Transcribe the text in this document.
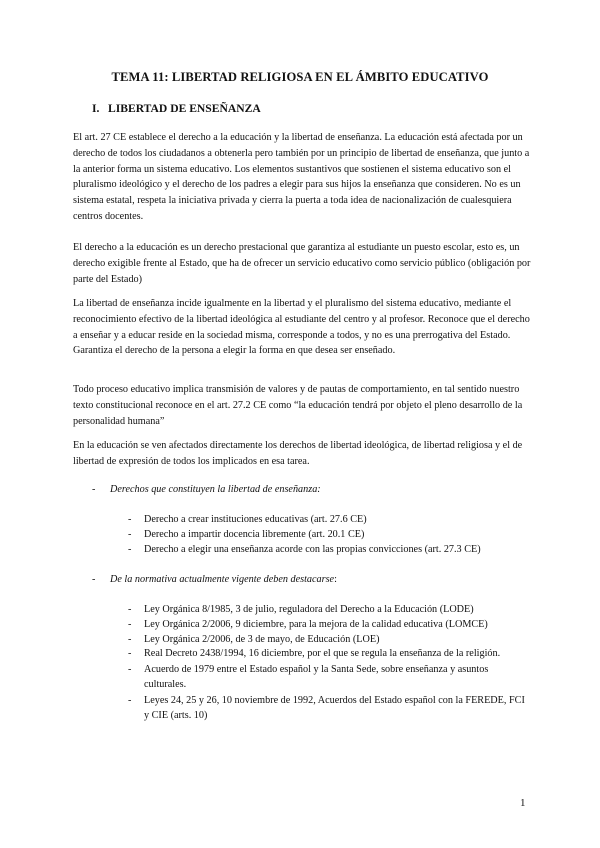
TEMA 11: LIBERTAD RELIGIOSA EN EL ÁMBITO EDUCATIVO
I. LIBERTAD DE ENSEÑANZA

El art. 27 CE establece el derecho a la educación y la libertad de enseñanza. La educación está afectada por un derecho de todos los ciudadanos a obtenerla pero también por un principio de libertad de enseñanza, que junto a la anterior forma un sistema educativo. Los elementos sustantivos que sostienen el sistema educativo son el pluralismo ideológico y el derecho de los padres a elegir para sus hijos la enseñanza que consideren. No es un sistema estatal, respeta la iniciativa privada y cierra la puerta a toda idea de nacionalización de cualesquiera centros docentes.

El derecho a la educación es un derecho prestacional que garantiza al estudiante un puesto escolar, esto es, un derecho exigible frente al Estado, que ha de ofrecer un servicio educativo como servicio público (obligación por parte del Estado)

La libertad de enseñanza incide igualmente en la libertad y el pluralismo del sistema educativo, mediante el reconocimiento efectivo de la libertad ideológica al estudiante del centro y al profesor. Reconoce que el derecho a enseñar y a educar reside en la sociedad misma, corresponde a todos, y no es una prerrogativa del Estado. Garantiza el derecho de la persona a elegir la forma en que desea ser enseñado.

Todo proceso educativo implica transmisión de valores y de pautas de comportamiento, en tal sentido nuestro texto constitucional reconoce en el art. 27.2 CE como “la educación tendrá por objeto el pleno desarrollo de la personalidad humana”

En la educación se ven afectados directamente los derechos de libertad ideológica, de libertad religiosa y el de libertad de expresión de todos los implicados en esa tarea.

- Derechos que constituyen la libertad de enseñanza:
- Derecho a crear instituciones educativas (art. 27.6 CE)
- Derecho a impartir docencia libremente (art. 20.1 CE)
- Derecho a elegir una enseñanza acorde con las propias convicciones (art. 27.3 CE)
- De la normativa actualmente vigente deben destacarse:
- Ley Orgánica 8/1985, 3 de julio, reguladora del Derecho a la Educación (LODE)
- Ley Orgánica 2/2006, 9 diciembre, para la mejora de la calidad educativa (LOMCE)
- Ley Orgánica 2/2006, de 3 de mayo, de Educación (LOE)
- Real Decreto 2438/1994, 16 diciembre, por el que se regula la enseñanza de la religión.
- Acuerdo de 1979 entre el Estado español y la Santa Sede, sobre enseñanza y asuntos culturales.
- Leyes 24, 25 y 26, 10 noviembre de 1992, Acuerdos del Estado español con la FEREDE, FCI y CIE (arts. 10)
1
